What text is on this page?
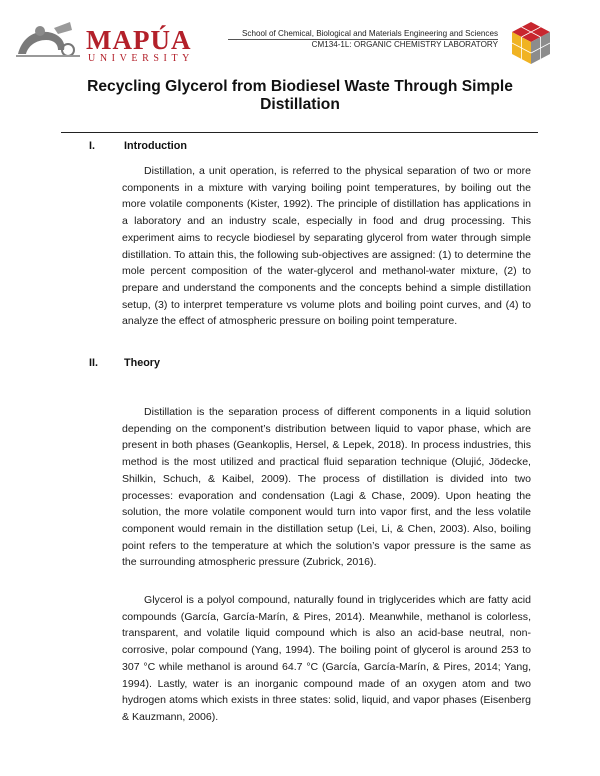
MAPÚA
UNIVERSITY
School of Chemical, Biological and Materials Engineering and Sciences
CM134-1L: ORGANIC CHEMISTRY LABORATORY
Recycling Glycerol from Biodiesel Waste Through Simple Distillation
I.	Introduction

Distillation, a unit operation, is referred to the physical separation of two or more components in a mixture with varying boiling point temperatures, by boiling out the more volatile components (Kister, 1992). The principle of distillation has applications in a laboratory and an industry scale, especially in food and drug processing. This experiment aims to recycle biodiesel by separating glycerol from water through simple distillation. To attain this, the following sub-objectives are assigned: (1) to determine the mole percent composition of the water-glycerol and methanol-water mixture, (2) to prepare and understand the components and the concepts behind a simple distillation setup, (3) to interpret temperature vs volume plots and boiling point curves, and (4) to analyze the effect of atmospheric pressure on boiling point temperature.

II. Theory

Distillation is the separation process of different components in a liquid solution depending on the component’s distribution between liquid to vapor phase, which are present in both phases (Geankoplis, Hersel, & Lepek, 2018). In process industries, this method is the most utilized and practical fluid separation technique (Olujić, Jödecke, Shilkin, Schuch, & Kaibel, 2009). The process of distillation is divided into two processes: evaporation and condensation (Lagi & Chase, 2009). Upon heating the solution, the more volatile component would turn into vapor first, and the less volatile component would remain in the distillation setup (Lei, Li, & Chen, 2003). Also, boiling point refers to the temperature at which the solution’s vapor pressure is the same as the surrounding atmospheric pressure (Zubrick, 2016).

Glycerol is a polyol compound, naturally found in triglycerides which are fatty acid compounds (García, García-Marín, & Pires, 2014). Meanwhile, methanol is colorless, transparent, and volatile liquid compound which is also an acid-base neutral, non-corrosive, polar compound (Yang, 1994). The boiling point of glycerol is around 253 to 307 °C while methanol is around 64.7 °C (García, García-Marín, & Pires, 2014; Yang, 1994). Lastly, water is an inorganic compound made of an oxygen atom and two hydrogen atoms which exists in three states: solid, liquid, and vapor phases (Eisenberg & Kauzmann, 2006).
